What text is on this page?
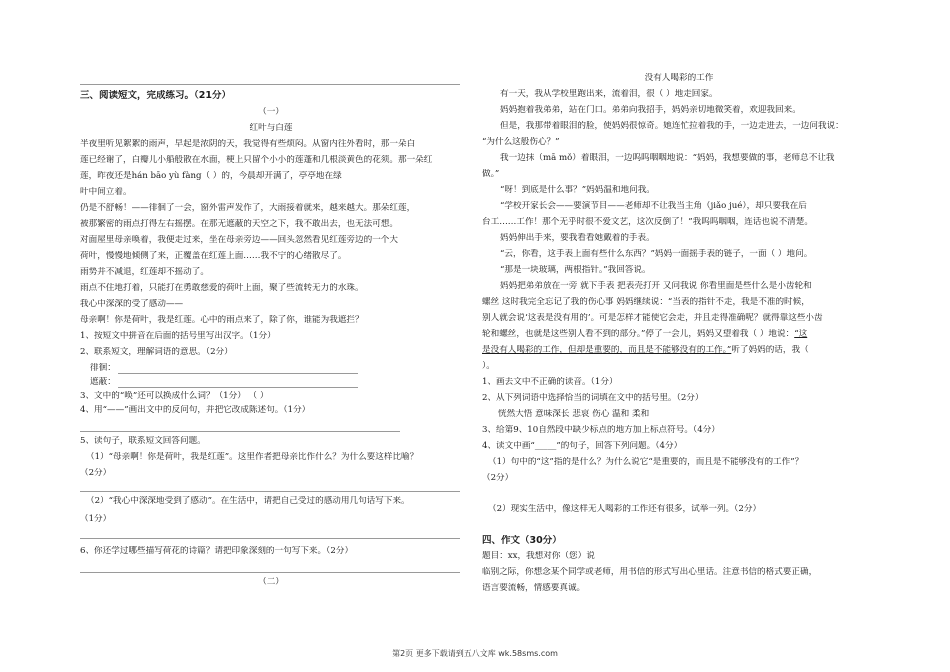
三、阅读短文，完成练习。（21分）
（一）
红叶与白莲
半夜里听见絮絮的雨声，早起是浓阴的天，我觉得有些烦闷。从窗内往外看时，那一朵白
莲已经谢了，白瓣儿小船般散在水面，梗上只留个小小的莲蓬和几根淡黄色的花须。那一朵红
莲，昨夜还是hán bāo yù fàng（ ）的，今晨却开满了，亭亭地在绿
叶中间立着。
仍是不舒畅！——徘徊了一会，窗外雷声发作了，大雨接着就来，越来越大。那朵红莲，
被那繁密的雨点打得左右摇摆。在那无遮蔽的天空之下，我不敢出去，也无法可想。
对面屋里母亲唤着，我便走过来，坐在母亲旁边——回头忽然看见红莲旁边的一个大
荷叶，慢慢地倾侧了来，正覆盖在红莲上面……我不宁的心绪散尽了。
雨势并不减退，红莲却不摇动了。
雨点不住地打着，只能打在勇敢慈爱的荷叶上面，聚了些流转无力的水珠。
我心中深深的受了感动——
母亲啊！你是荷叶，我是红莲。心中的雨点来了，除了你，谁能为我遮拦？
1、按短文中拼音在后面的括号里写出汉字。（1分）
2、联系短文，理解词语的意思。（2分）
徘徊：
遮蔽：
3、文中的“唤”还可以换成什么词？（1分） （ ）
4、用“——”画出文中的反问句，并把它改成陈述句。（1分）
5、读句子，联系短文回答问题。
（1）“母亲啊！你是荷叶，我是红莲”。这里作者把母亲比作什么？为什么要这样比喻？
（2分）
（2）“我心中深深地受到了感动”。在生活中，请把自己受过的感动用几句话写下来。
（1分）
6、你还学过哪些描写荷花的诗篇？请把印象深刻的一句写下来。（2分）
（二）
没有人喝彩的工作
有一天，我从学校里跑出来，流着泪，很（ ）地走回家。
妈妈抱着我弟弟，站在门口。弟弟向我招手，妈妈亲切地微笑着，欢迎我回来。
但是，我那带着眼泪的脸，使妈妈很惊奇。她连忙拉着我的手，一边走进去，一边问我说：
“为什么这般伤心？”
我一边抹（mā mǒ）着眼泪，一边呜呜咽咽地说：“妈妈，我想要做的事，老师总不让我
做。”
“呀！到底是什么事？”妈妈温和地问我。
“学校开家长会——要演节目——老师却不让我当主角（jiǎo jué），却只要我在后
台工……工作！那个无乎时很不爱文艺，这次反倒了！”我呜呜咽咽，连话也说不清楚。
妈妈伸出手来，要我看看她戴着的手表。
“云，你看，这手表上面有些什么东西？”妈妈一面摇手表的链子，一面（ ）地问。
“那是一块玻璃，两根指针。”我回答说。
妈妈把弟弟放在一旁 就下手表 把表壳打开 又问我说 你看里面是些什么是小齿轮和
螺丝 这时我完全忘记了我的伤心事 妈妈继续说：“当表的指针不走，我是不准的时候，
别人就会说‘这表是没有用的’。可是怎样才能使它会走，并且走得准确呢？就得靠这些小齿
轮和螺丝，也就是这些别人看不到的部分。”停了一会儿，妈妈又望着我（ ）地说：“这
是没有人喝彩的工作，但却是重要的，而且是不能够没有的工作。”听了妈妈的话，我（
）。
1、画去文中不正确的读音。（1分）
2、从下列词语中选择恰当的词填在文中的括号里。（2分）
恍然大悟 意味深长 悲哀 伤心 温和 柔和
3、给第9、10自然段中缺少标点的地方加上标点符号。（4分）
4、读文中画“_____”的句子，回答下列问题。（4分）
（1）句中的“这”指的是什么？为什么说它“是重要的，而且是不能够没有的工作”？
（2分）
（2）现实生活中，像这样无人喝彩的工作还有很多，试举一列。（2分）
四、作文（30分）
题目：xx，我想对你（您）说
临别之际，你想念某个同学或老师，用书信的形式写出心里话。注意书信的格式要正确，
语言要流畅，情感要真诚。
第2页 更多下载请到五八文库 wk.58sms.com
